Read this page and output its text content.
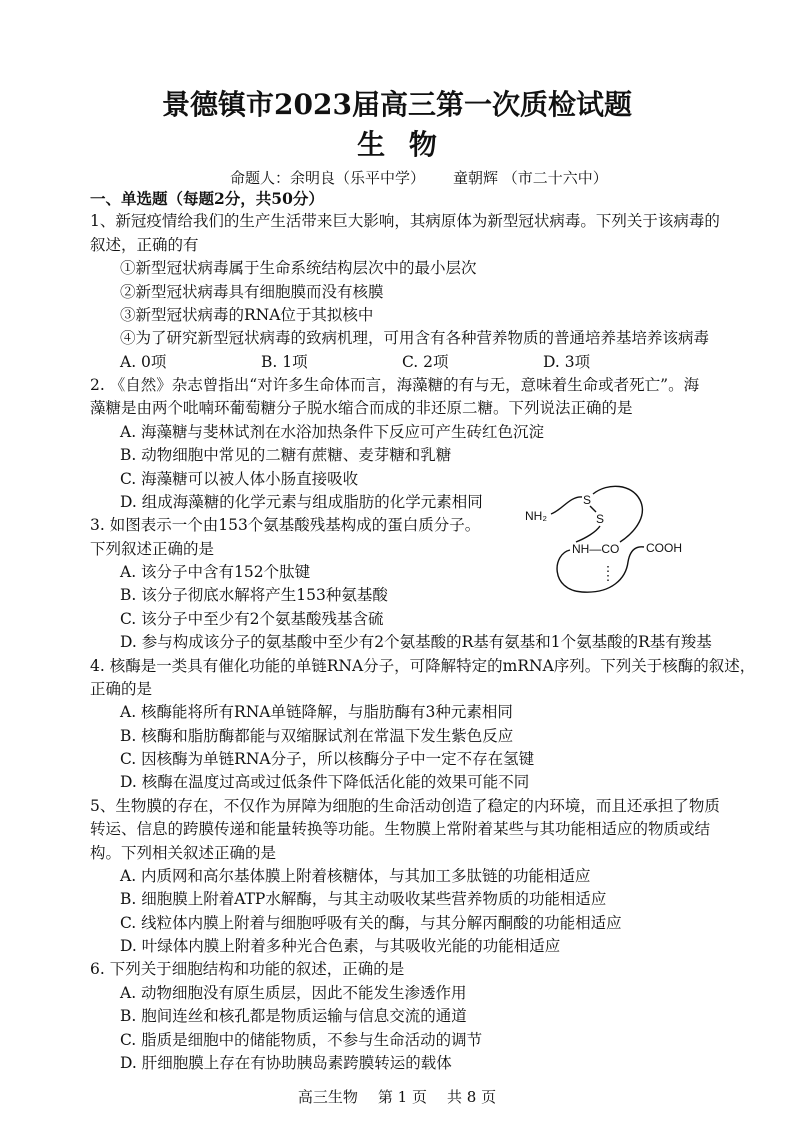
景德镇市2023届高三第一次质检试题
生 物
命题人：余明良（乐平中学） 童朝辉 （市二十六中）
一、单选题（每题2分，共50分）
1、新冠疫情给我们的生产生活带来巨大影响，其病原体为新型冠状病毒。下列关于该病毒的
叙述，正确的有
①新型冠状病毒属于生命系统结构层次中的最小层次
②新型冠状病毒具有细胞膜而没有核膜
③新型冠状病毒的RNA位于其拟核中
④为了研究新型冠状病毒的致病机理，可用含有各种营养物质的普通培养基培养该病毒
A. 0项	B. 1项	C. 2项	D. 3项
2. 《自然》杂志曾指出“对许多生命体而言，海藻糖的有与无，意味着生命或者死亡”。海
藻糖是由两个吡喃环葡萄糖分子脱水缩合而成的非还原二糖。下列说法正确的是
A. 海藻糖与斐林试剂在水浴加热条件下反应可产生砖红色沉淀
B. 动物细胞中常见的二糖有蔗糖、麦芽糖和乳糖
C. 海藻糖可以被人体小肠直接吸收
D. 组成海藻糖的化学元素与组成脂肪的化学元素相同
3. 如图表示一个由153个氨基酸残基构成的蛋白质分子。
下列叙述正确的是
A. 该分子中含有152个肽键
B. 该分子彻底水解将产生153种氨基酸
C. 该分子中至少有2个氨基酸残基含硫
D. 参与构成该分子的氨基酸中至少有2个氨基酸的R基有氨基和1个氨基酸的R基有羧基
4. 核酶是一类具有催化功能的单链RNA分子，可降解特定的mRNA序列。下列关于核酶的叙述，
正确的是
A. 核酶能将所有RNA单链降解，与脂肪酶有3种元素相同
B. 核酶和脂肪酶都能与双缩脲试剂在常温下发生紫色反应
C. 因核酶为单链RNA分子，所以核酶分子中一定不存在氢键
D. 核酶在温度过高或过低条件下降低活化能的效果可能不同
5、生物膜的存在，不仅作为屏障为细胞的生命活动创造了稳定的内环境，而且还承担了物质
转运、信息的跨膜传递和能量转换等功能。生物膜上常附着某些与其功能相适应的物质或结
构。下列相关叙述正确的是
A. 内质网和高尔基体膜上附着核糖体，与其加工多肽链的功能相适应
B. 细胞膜上附着ATP水解酶，与其主动吸收某些营养物质的功能相适应
C. 线粒体内膜上附着与细胞呼吸有关的酶，与其分解丙酮酸的功能相适应
D. 叶绿体内膜上附着多种光合色素，与其吸收光能的功能相适应
6. 下列关于细胞结构和功能的叙述，正确的是
A. 动物细胞没有原生质层，因此不能发生渗透作用
B. 胞间连丝和核孔都是物质运输与信息交流的通道
C. 脂质是细胞中的储能物质，不参与生命活动的调节
D. 肝细胞膜上存在有协助胰岛素跨膜转运的载体
NH₂
S
S
NH—CO COOH
高三生物 第 1 页 共 8 页
